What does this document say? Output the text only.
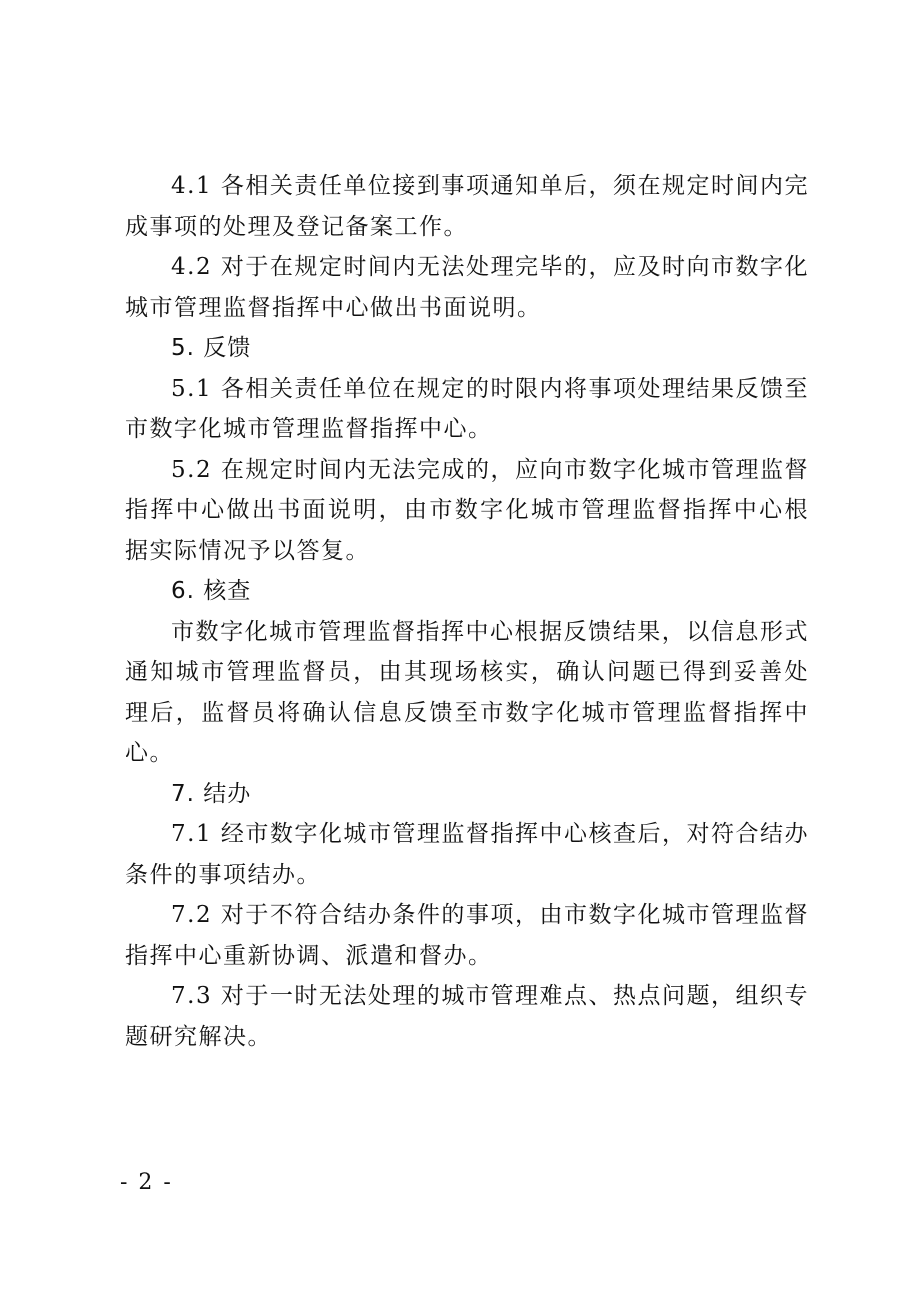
4.1 各相关责任单位接到事项通知单后，须在规定时间内完成事项的处理及登记备案工作。

4.2 对于在规定时间内无法处理完毕的，应及时向市数字化城市管理监督指挥中心做出书面说明。

5. 反馈

5.1 各相关责任单位在规定的时限内将事项处理结果反馈至市数字化城市管理监督指挥中心。

5.2 在规定时间内无法完成的，应向市数字化城市管理监督指挥中心做出书面说明，由市数字化城市管理监督指挥中心根据实际情况予以答复。

6. 核查

市数字化城市管理监督指挥中心根据反馈结果，以信息形式通知城市管理监督员，由其现场核实，确认问题已得到妥善处理后，监督员将确认信息反馈至市数字化城市管理监督指挥中心。

7. 结办

7.1 经市数字化城市管理监督指挥中心核查后，对符合结办条件的事项结办。

7.2 对于不符合结办条件的事项，由市数字化城市管理监督指挥中心重新协调、派遣和督办。

7.3 对于一时无法处理的城市管理难点、热点问题，组织专题研究解决。

- 2 -
